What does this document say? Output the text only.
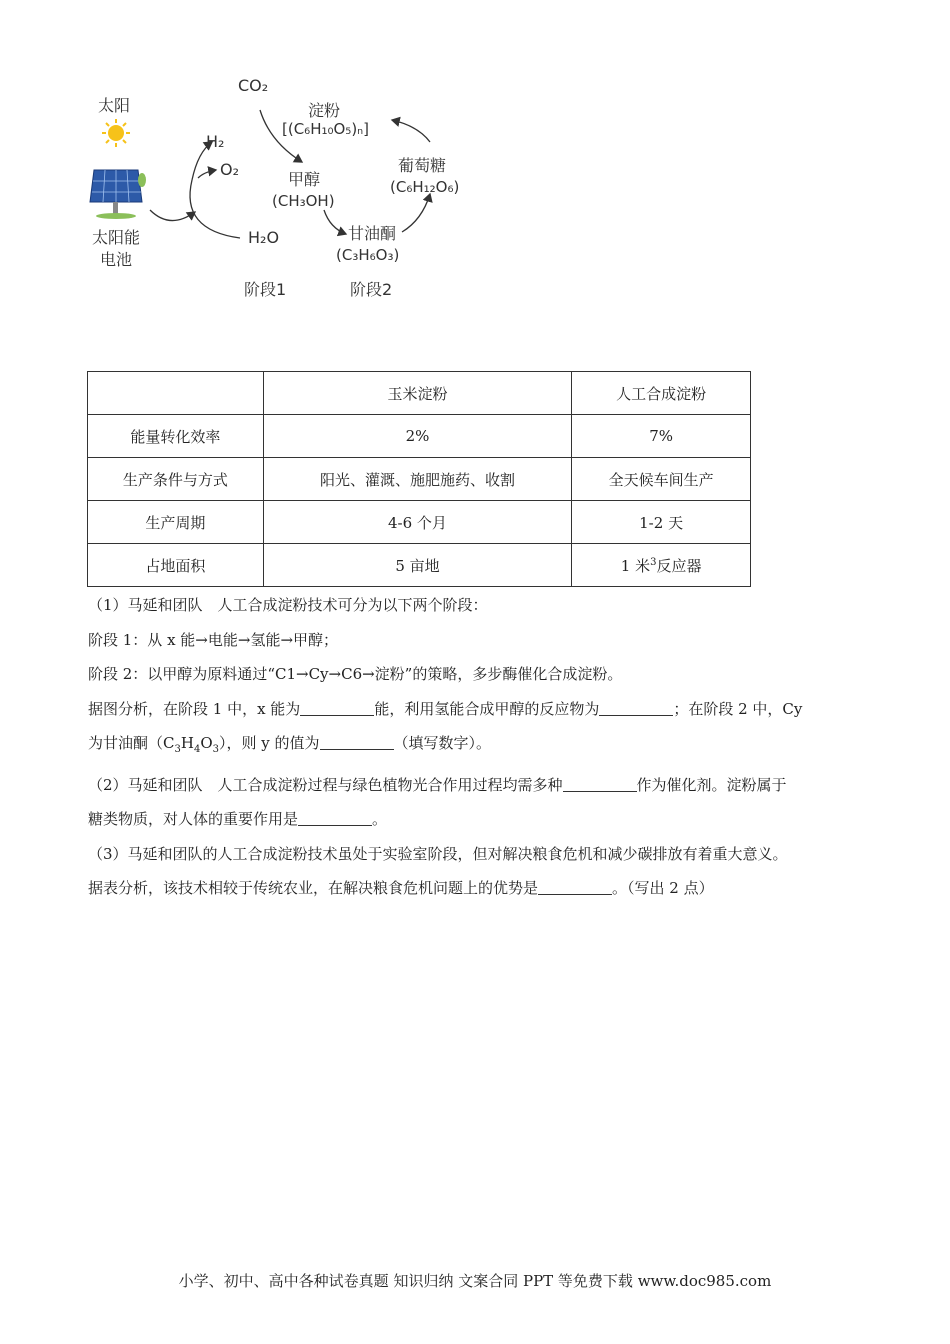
太阳
太阳能
电池
CO₂
H₂
O₂
H₂O
淀粉
[(C₆H₁₀O₅)ₙ]
葡萄糖
(C₆H₁₂O₆)
甲醇
(CH₃OH)
甘油酮
(C₃H₆O₃)
阶段1	阶段2
	玉米淀粉	人工合成淀粉
能量转化效率	2%	7%
生产条件与方式	阳光、灌溉、施肥施药、收割	全天候车间生产
生产周期	4-6 个月	1-2 天
占地面积	5 亩地	1 米$^3$反应器

（1）马延和团队　人工合成淀粉技术可分为以下两个阶段：

阶段 1：从 x 能→电能→氢能→甲醇；

阶段 2：以甲醇为原料通过“C1→Cy→C6→淀粉”的策略，多步酶催化合成淀粉。

据图分析，在阶段 1 中，x 能为	能，利用氢能合成甲醇的反应物为	；在阶段 2 中，Cy

为甘油酮$(C_3H_4O_3)$，则 y 的值为	（填写数字）。

（2）马延和团队　人工合成淀粉过程与绿色植物光合作用过程均需多种	作为催化剂。淀粉属于

糖类物质，对人体的重要作用是	。

（3）马延和团队的人工合成淀粉技术虽处于实验室阶段，但对解决粮食危机和减少碳排放有着重大意义。

据表分析，该技术相较于传统农业，在解决粮食危机问题上的优势是	。（写出 2 点）

小学、初中、高中各种试卷真题 知识归纳 文案合同 PPT 等免费下载 www.doc985.com
